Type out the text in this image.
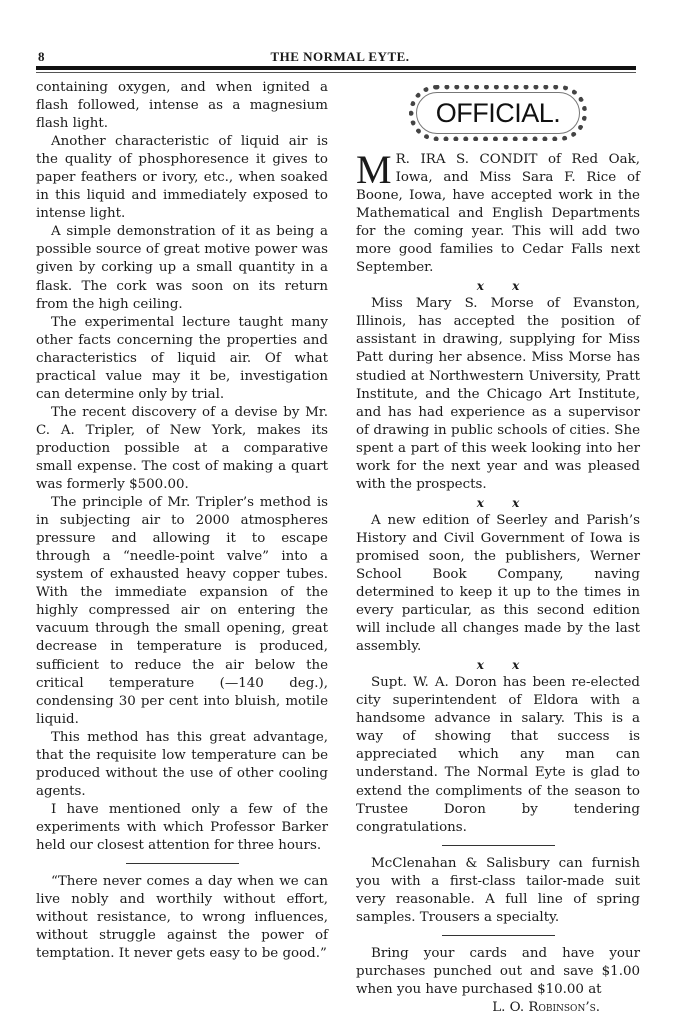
8	THE NORMAL EYTE.

containing oxygen, and when ignited a flash followed, intense as a magnesium flash light.

Another characteristic of liquid air is the quality of phosphoresence it gives to paper feathers or ivory, etc., when soaked in this liquid and immediately exposed to intense light.

A simple demonstration of it as being a possible source of great motive power was given by corking up a small quantity in a flask. The cork was soon on its return from the high ceiling.

The experimental lecture taught many other facts concerning the properties and characteristics of liquid air. Of what practical value may it be, investigation can determine only by trial.

The recent discovery of a devise by Mr. C. A. Tripler, of New York, makes its production possible at a comparative small expense. The cost of making a quart was formerly $500.00.

The principle of Mr. Tripler’s method is in subjecting air to 2000 atmospheres pressure and allowing it to escape through a “needle-point valve” into a system of exhausted heavy copper tubes. With the immediate expansion of the highly compressed air on entering the vacuum through the small opening, great decrease in temperature is produced, sufficient to reduce the air below the critical temperature (—140 deg.), condensing 30 per cent into bluish, motile liquid.

This method has this great advantage, that the requisite low temperature can be produced without the use of other cooling agents.

I have mentioned only a few of the experiments with which Professor Barker held our closest attention for three hours.

“There never comes a day when we can live nobly and worthily without effort, without resistance, to wrong influences, without struggle against the power of temptation. It never gets easy to be good.”

OFFICIAL.

M R. IRA S. CONDIT of Red Oak, Iowa, and Miss Sara F. Rice of Boone, Iowa, have accepted work in the Mathematical and English Departments for the coming year. This will add two more good families to Cedar Falls next September.

x x

Miss Mary S. Morse of Evanston, Illinois, has accepted the position of assistant in drawing, supplying for Miss Patt during her absence. Miss Morse has studied at Northwestern University, Pratt Institute, and the Chicago Art Institute, and has had experience as a supervisor of drawing in public schools of cities. She spent a part of this week looking into her work for the next year and was pleased with the prospects.

x x

A new edition of Seerley and Parish’s History and Civil Government of Iowa is promised soon, the publishers, Werner School Book Company, naving determined to keep it up to the times in every particular, as this second edition will include all changes made by the last assembly.

x x

Supt. W. A. Doron has been re-elected city superintendent of Eldora with a handsome advance in salary. This is a way of showing that success is appreciated which any man can understand. The Normal Eyte is glad to extend the compliments of the season to Trustee Doron by tendering congratulations.

McClenahan & Salisbury can furnish you with a first-class tailor-made suit very reasonable. A full line of spring samples. Trousers a specialty.

Bring your cards and have your purchases punched out and save $1.00 when you have purchased $10.00 at

L. O. Robinson’s.
